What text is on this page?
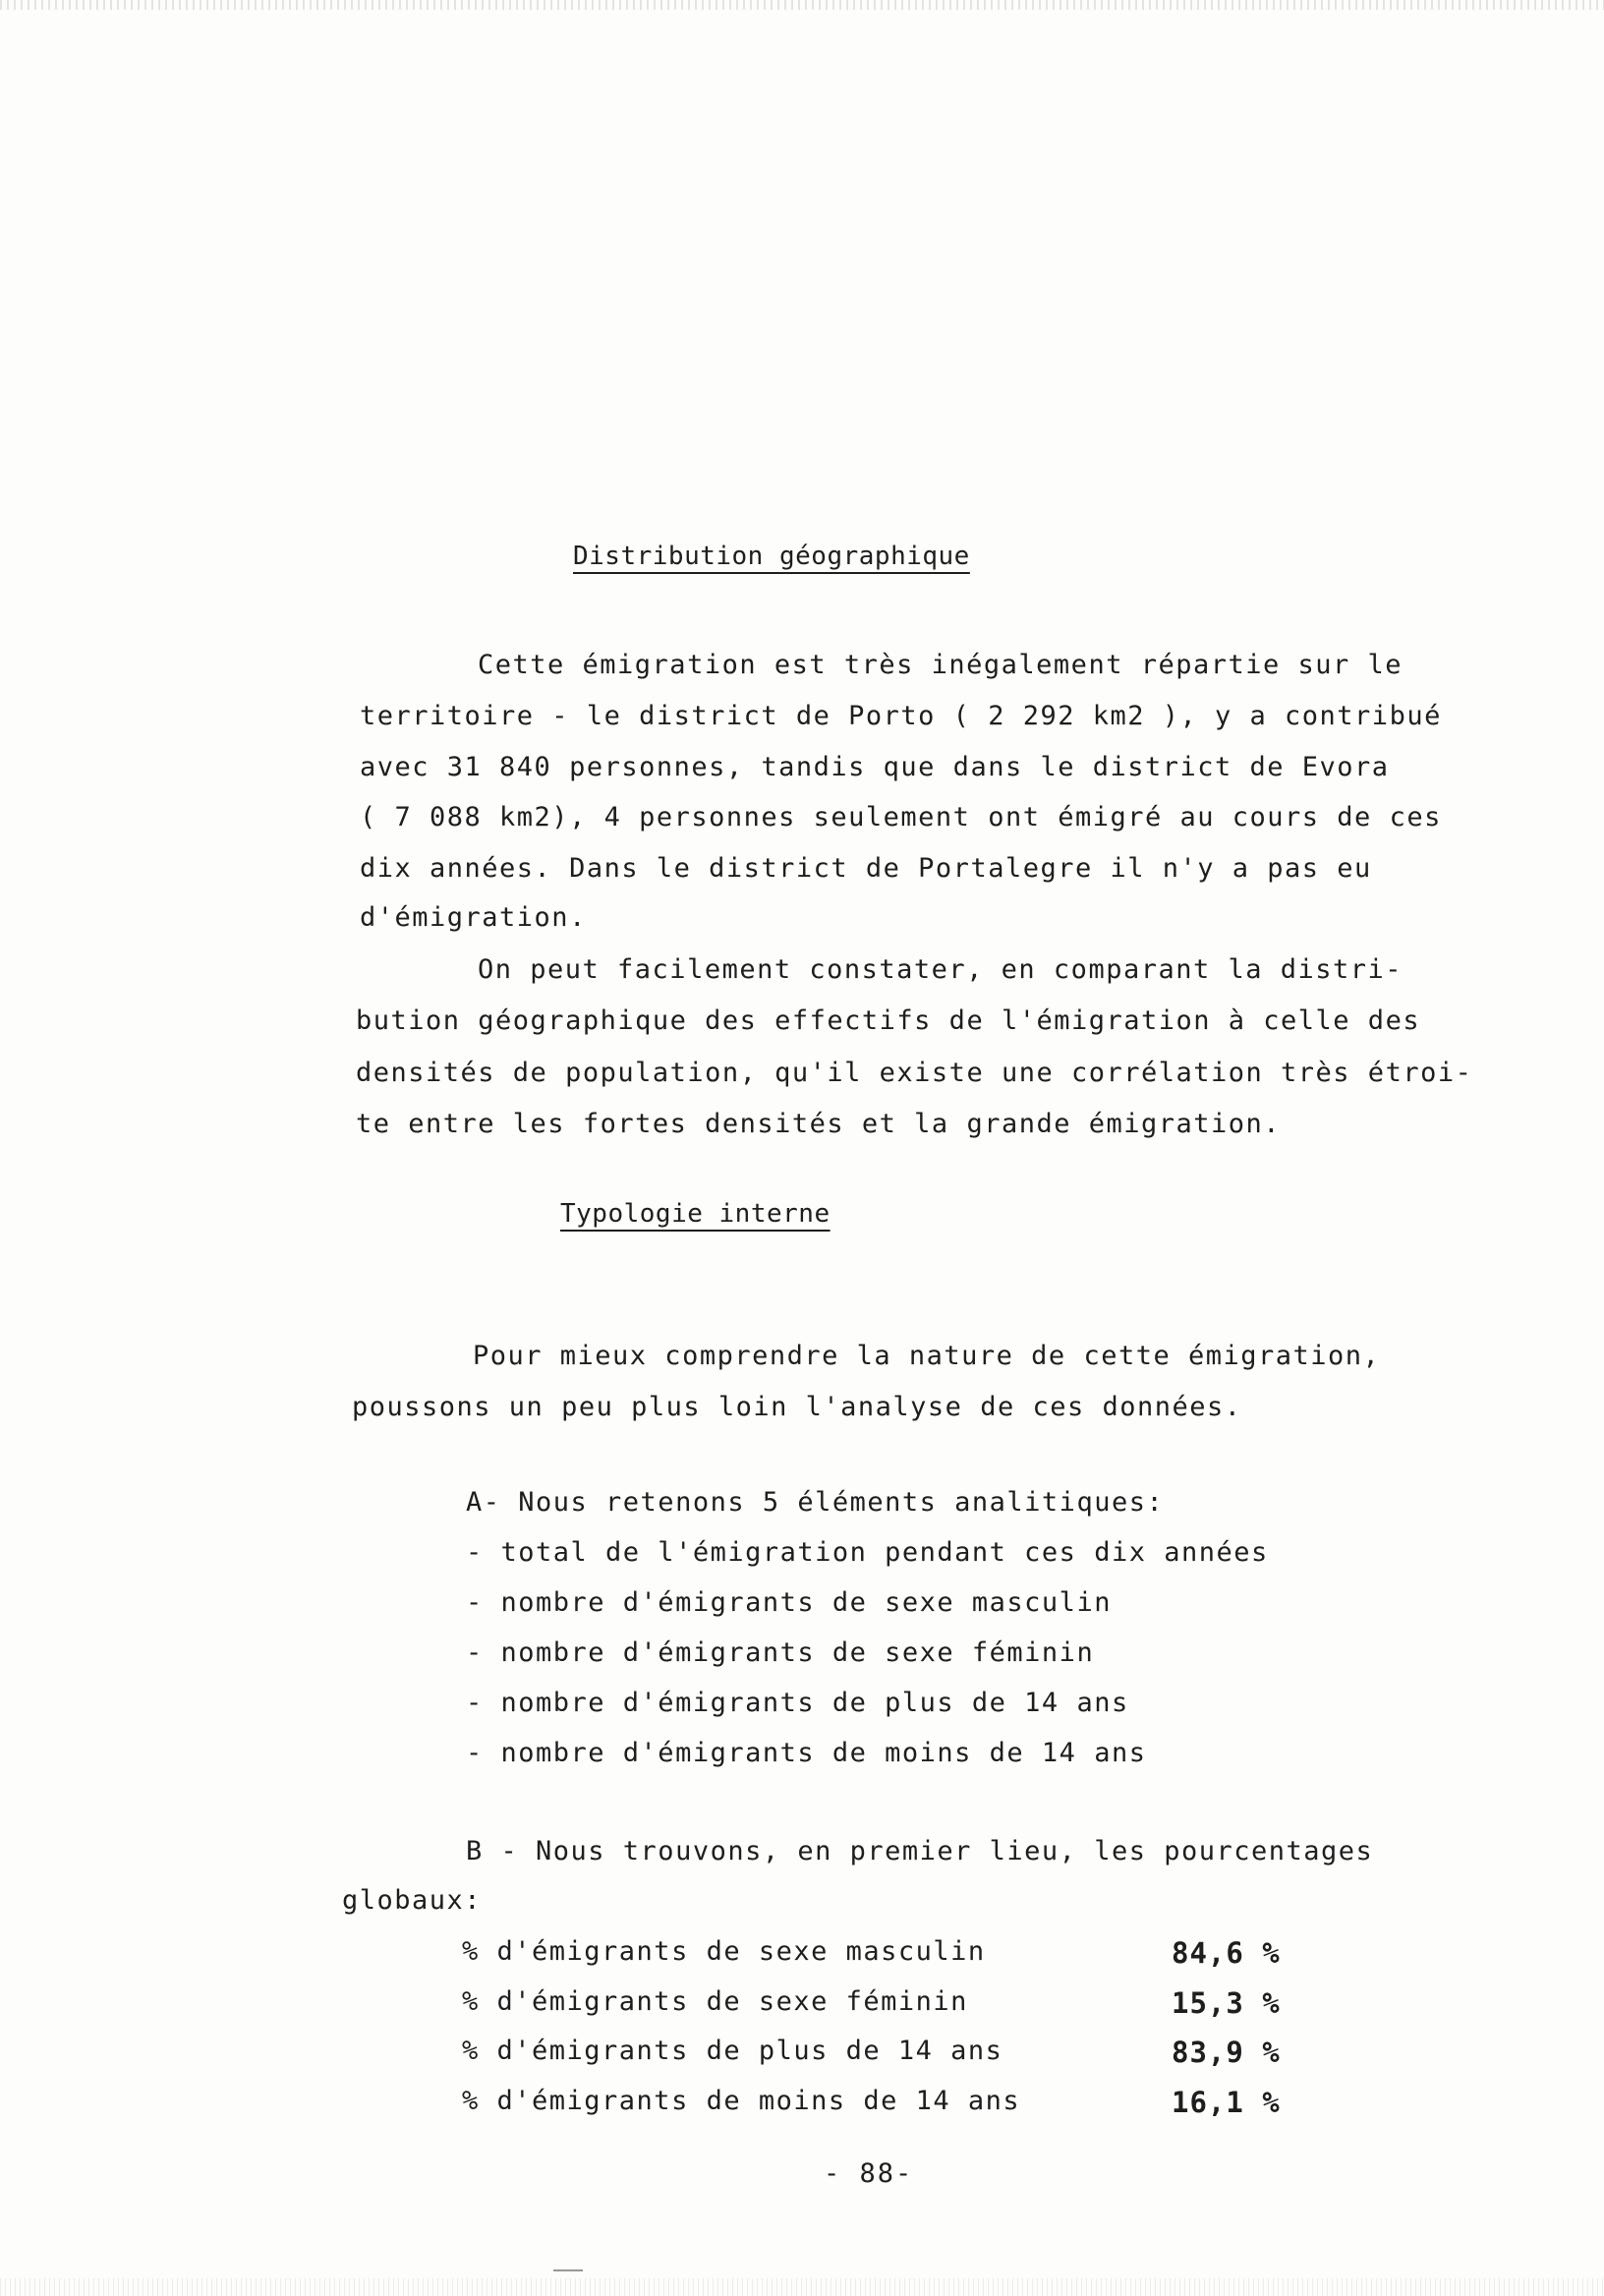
Distribution géographique
Cette émigration est très inégalement répartie sur le
territoire - le district de Porto ( 2 292 km2 ), y a contribué
avec 31 840 personnes, tandis que dans le district de Evora
( 7 088 km2), 4 personnes seulement ont émigré au cours de ces
dix années. Dans le district de Portalegre il n'y a pas eu
d'émigration.
On peut facilement constater, en comparant la distri-
bution géographique des effectifs de l'émigration à celle des
densités de population, qu'il existe une corrélation très étroi-
te entre les fortes densités et la grande émigration.
Typologie interne
Pour mieux comprendre la nature de cette émigration,
poussons un peu plus loin l'analyse de ces données.
A- Nous retenons 5 éléments analitiques:
- total de l'émigration pendant ces dix années
- nombre d'émigrants de sexe masculin
- nombre d'émigrants de sexe féminin
- nombre d'émigrants de plus de 14 ans
- nombre d'émigrants de moins de 14 ans
B - Nous trouvons, en premier lieu, les pourcentages
globaux:
% d'émigrants de sexe masculin	84,6 %
% d'émigrants de sexe féminin	15,3 %
% d'émigrants de plus de 14 ans	83,9 %
% d'émigrants de moins de 14 ans	16,1 %
- 88-
